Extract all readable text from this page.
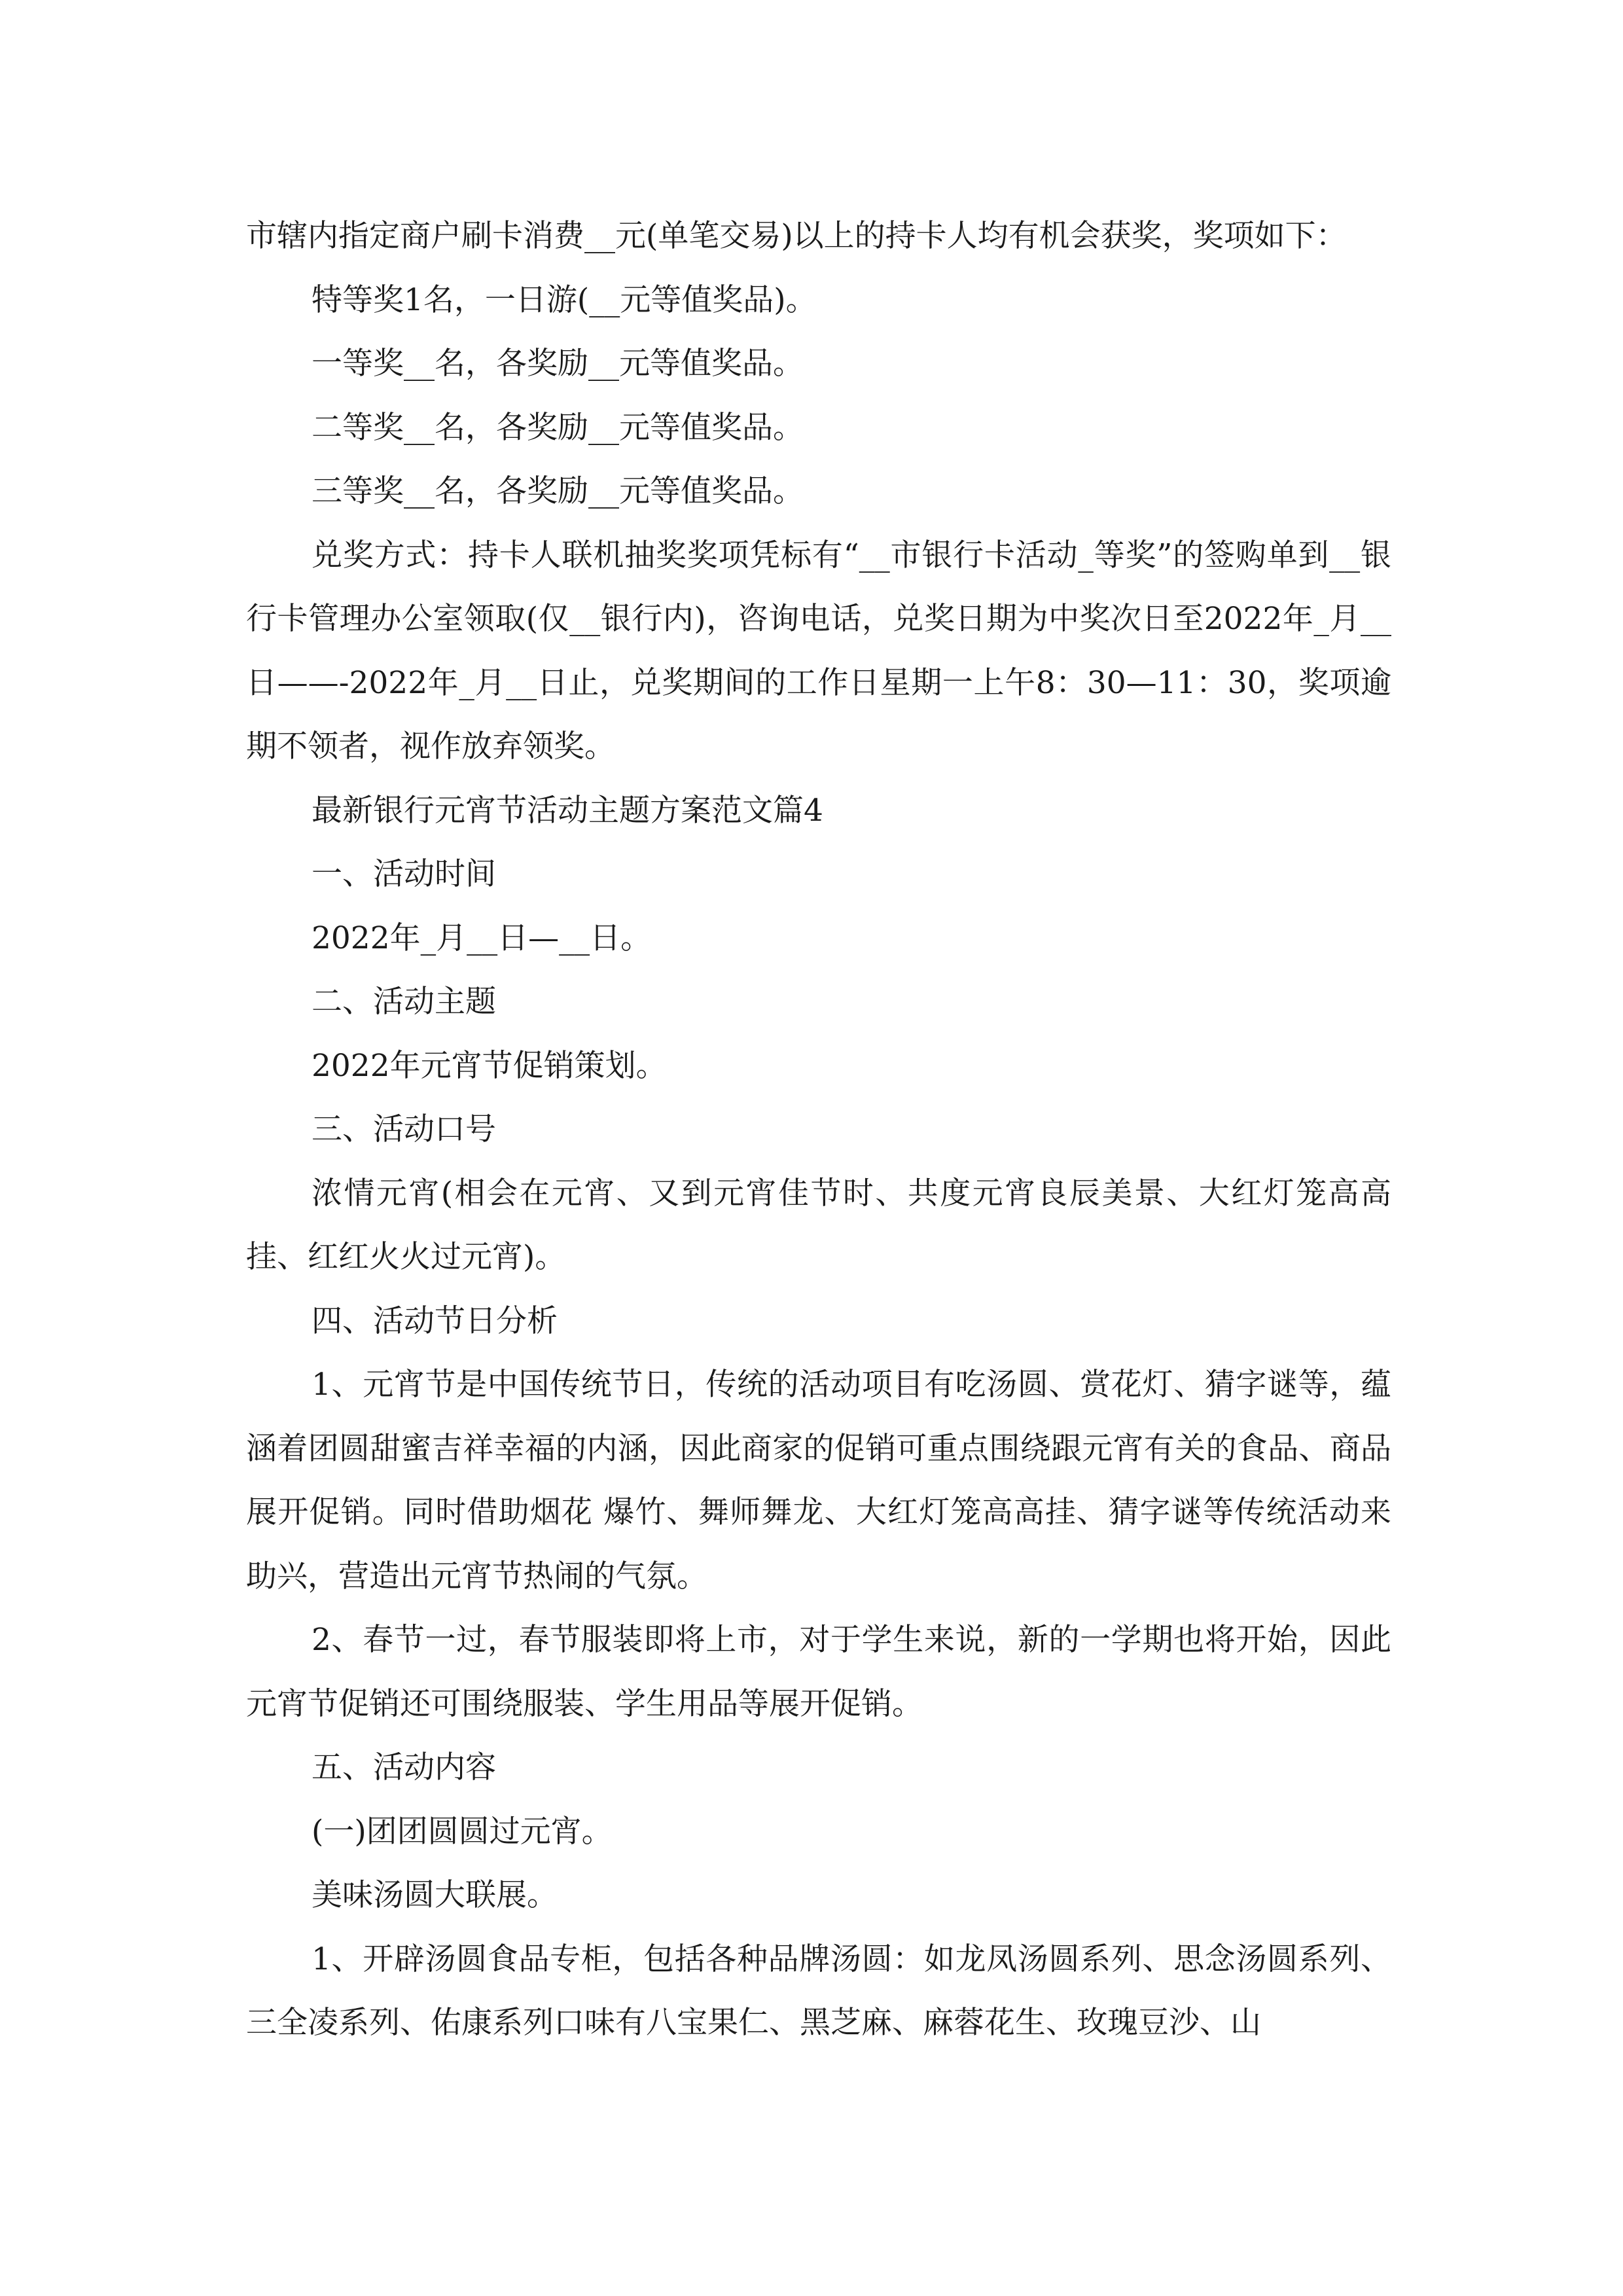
市辖内指定商户刷卡消费__元(单笔交易)以上的持卡人均有机会获奖，奖项如下：

特等奖1名，一日游(__元等值奖品)。

一等奖__名，各奖励__元等值奖品。

二等奖__名，各奖励__元等值奖品。

三等奖__名，各奖励__元等值奖品。

兑奖方式：持卡人联机抽奖奖项凭标有“__市银行卡活动_等奖”的签购单到__银行卡管理办公室领取(仅__银行内)，咨询电话，兑奖日期为中奖次日至2022年_月__日——-2022年_月__日止，兑奖期间的工作日星期一上午8：30—11：30，奖项逾期不领者，视作放弃领奖。

最新银行元宵节活动主题方案范文篇4

一、活动时间

2022年_月__日—__日。

二、活动主题

2022年元宵节促销策划。

三、活动口号

浓情元宵(相会在元宵、又到元宵佳节时、共度元宵良辰美景、大红灯笼高高挂、红红火火过元宵)。

四、活动节日分析

1、元宵节是中国传统节日，传统的活动项目有吃汤圆、赏花灯、猜字谜等，蕴涵着团圆甜蜜吉祥幸福的内涵，因此商家的促销可重点围绕跟元宵有关的食品、商品展开促销。同时借助烟花 爆竹、舞师舞龙、大红灯笼高高挂、猜字谜等传统活动来助兴，营造出元宵节热闹的气氛。

2、春节一过，春节服装即将上市，对于学生来说，新的一学期也将开始，因此元宵节促销还可围绕服装、学生用品等展开促销。

五、活动内容

(一)团团圆圆过元宵。

美味汤圆大联展。

1、开辟汤圆食品专柜，包括各种品牌汤圆：如龙凤汤圆系列、思念汤圆系列、三全凌系列、佑康系列口味有八宝果仁、黑芝麻、麻蓉花生、玫瑰豆沙、山
